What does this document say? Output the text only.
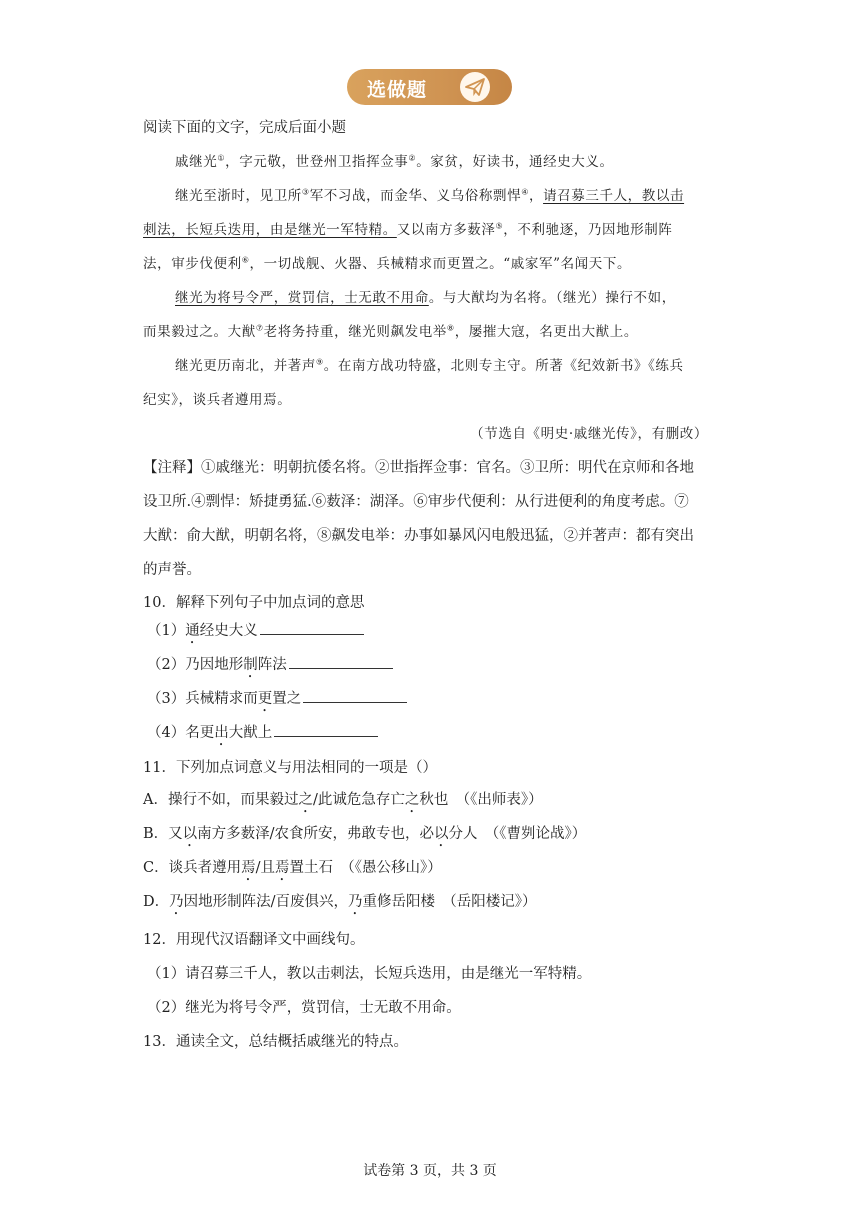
选做题
阅读下面的文字，完成后面小题
戚继光①，字元敬，世登州卫指挥佥事②。家贫，好读书，通经史大义。
继光至浙时，见卫所③军不习战，而金华、义乌俗称剽悍④，请召募三千人，教以击
刺法，长短兵迭用，由是继光一军特精。又以南方多薮泽⑤，不利驰逐，乃因地形制阵
法，审步伐便利⑥，一切战舰、火器、兵械精求而更置之。“戚家军”名闻天下。
继光为将号令严，赏罚信，士无敢不用命。与大猷均为名将。（继光）操行不如，
而果毅过之。大猷⑦老将务持重，继光则飙发电举⑧，屡摧大寇，名更出大猷上。
继光更历南北，并著声⑨。在南方战功特盛，北则专主守。所著《纪效新书》《练兵
纪实》，谈兵者遵用焉。
（节选自《明史·戚继光传》，有删改）
【注释】①戚继光：明朝抗倭名将。②世指挥佥事：官名。③卫所：明代在京师和各地
设卫所.④剽悍：矫捷勇猛.⑥薮泽：湖泽。⑥审步代便利：从行进便利的角度考虑。⑦
大猷：俞大猷，明朝名将，⑧飙发电举：办事如暴风闪电般迅猛，②并著声：都有突出
的声誉。
10．解释下列句子中加点词的意思
（1）通经史大义
（2）乃因地形制阵法
（3）兵械精求而更置之
（4）名更出大猷上
11．下列加点词意义与用法相同的一项是（）
A．操行不如，而果毅过之/此诚危急存亡之秋也　（《出师表》）
B．又以南方多薮泽/农食所安，弗敢专也，必以分人　（《曹刿论战》）
C．谈兵者遵用焉/且焉置土石　（《愚公移山》）
D．乃因地形制阵法/百废俱兴，乃重修岳阳楼　（岳阳楼记》）
12．用现代汉语翻译文中画线句。
（1）请召募三千人，教以击刺法，长短兵迭用，由是继光一军特精。
（2）继光为将号令严，赏罚信，士无敢不用命。
13．通读全文，总结概括戚继光的特点。
试卷第 3 页，共 3 页
